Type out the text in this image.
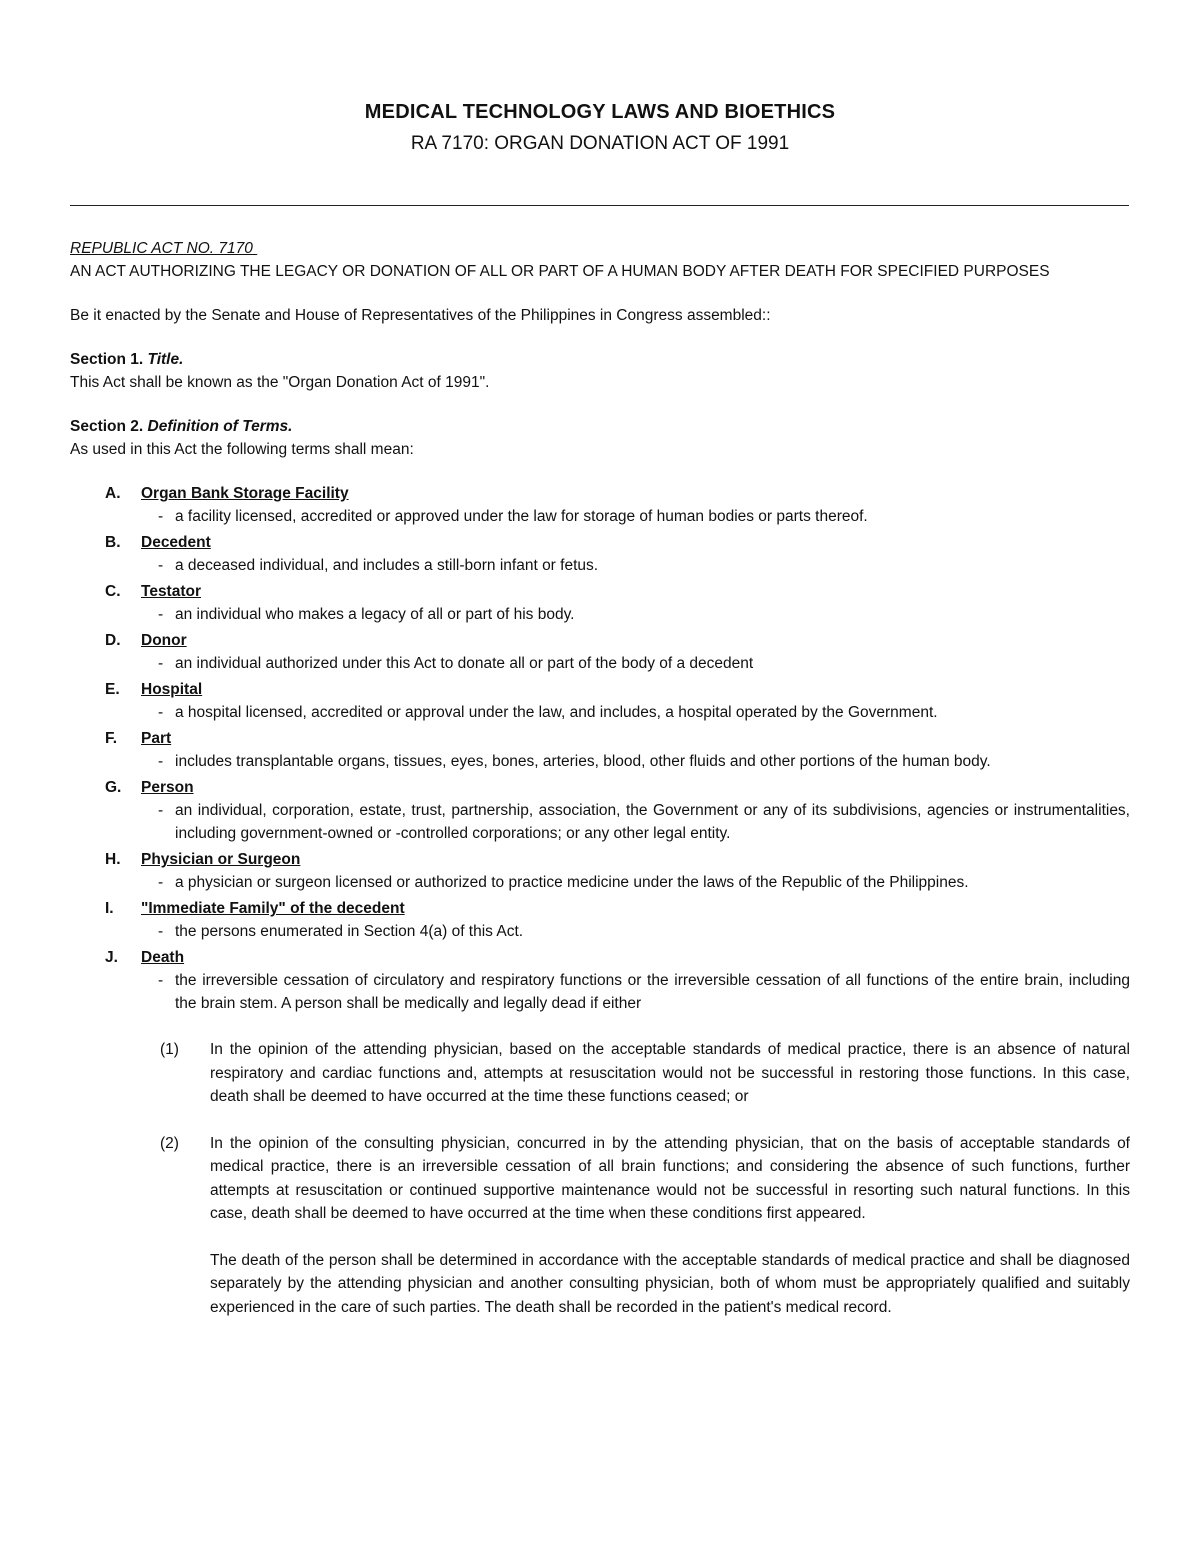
MEDICAL TECHNOLOGY LAWS AND BIOETHICS
RA 7170: ORGAN DONATION ACT OF 1991
REPUBLIC ACT NO. 7170
AN ACT AUTHORIZING THE LEGACY OR DONATION OF ALL OR PART OF A HUMAN BODY AFTER DEATH FOR SPECIFIED PURPOSES
Be it enacted by the Senate and House of Representatives of the Philippines in Congress assembled::
Section 1. Title.
This Act shall be known as the "Organ Donation Act of 1991".
Section 2. Definition of Terms.
As used in this Act the following terms shall mean:
A. Organ Bank Storage Facility
- a facility licensed, accredited or approved under the law for storage of human bodies or parts thereof.
B. Decedent
- a deceased individual, and includes a still-born infant or fetus.
C. Testator
- an individual who makes a legacy of all or part of his body.
D. Donor
- an individual authorized under this Act to donate all or part of the body of a decedent
E. Hospital
- a hospital licensed, accredited or approval under the law, and includes, a hospital operated by the Government.
F. Part
- includes transplantable organs, tissues, eyes, bones, arteries, blood, other fluids and other portions of the human body.
G. Person
- an individual, corporation, estate, trust, partnership, association, the Government or any of its subdivisions, agencies or instrumentalities, including government-owned or -controlled corporations; or any other legal entity.
H. Physician or Surgeon
- a physician or surgeon licensed or authorized to practice medicine under the laws of the Republic of the Philippines.
I. "Immediate Family" of the decedent
- the persons enumerated in Section 4(a) of this Act.
J. Death
- the irreversible cessation of circulatory and respiratory functions or the irreversible cessation of all functions of the entire brain, including the brain stem. A person shall be medically and legally dead if either
(1) In the opinion of the attending physician, based on the acceptable standards of medical practice, there is an absence of natural respiratory and cardiac functions and, attempts at resuscitation would not be successful in restoring those functions. In this case, death shall be deemed to have occurred at the time these functions ceased; or
(2) In the opinion of the consulting physician, concurred in by the attending physician, that on the basis of acceptable standards of medical practice, there is an irreversible cessation of all brain functions; and considering the absence of such functions, further attempts at resuscitation or continued supportive maintenance would not be successful in resorting such natural functions. In this case, death shall be deemed to have occurred at the time when these conditions first appeared.
The death of the person shall be determined in accordance with the acceptable standards of medical practice and shall be diagnosed separately by the attending physician and another consulting physician, both of whom must be appropriately qualified and suitably experienced in the care of such parties. The death shall be recorded in the patient's medical record.
